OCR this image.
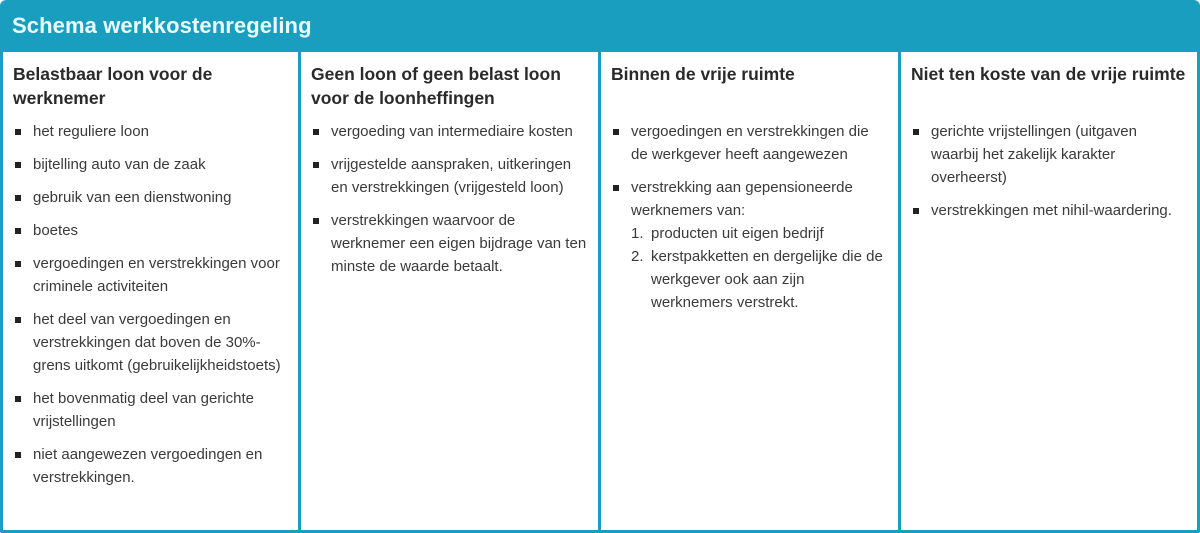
Schema werkkostenregeling
Belastbaar loon voor de werknemer
het reguliere loon
bijtelling auto van de zaak
gebruik van een dienstwoning
boetes
vergoedingen en verstrekkingen voor criminele activiteiten
het deel van vergoedingen en verstrekkingen dat boven de 30%-grens uitkomt (gebruikelijkheidstoets)
het bovenmatig deel van gerichte vrijstellingen
niet aangewezen vergoedingen en verstrekkingen.
Geen loon of geen belast loon voor de loonheffingen
vergoeding van intermediaire kosten
vrijgestelde aanspraken, uitkeringen en verstrekkingen (vrijgesteld loon)
verstrekkingen waarvoor de werknemer een eigen bijdrage van ten minste de waarde betaalt.
Binnen de vrije ruimte
vergoedingen en verstrekkingen die de werkgever heeft aangewezen
verstrekking aan gepensioneerde werknemers van:
1. producten uit eigen bedrijf
2. kerstpakketten en dergelijke die de werkgever ook aan zijn werknemers verstrekt.
Niet ten koste van de vrije ruimte
gerichte vrijstellingen (uitgaven waarbij het zakelijk karakter overheerst)
verstrekkingen met nihil-waardering.
